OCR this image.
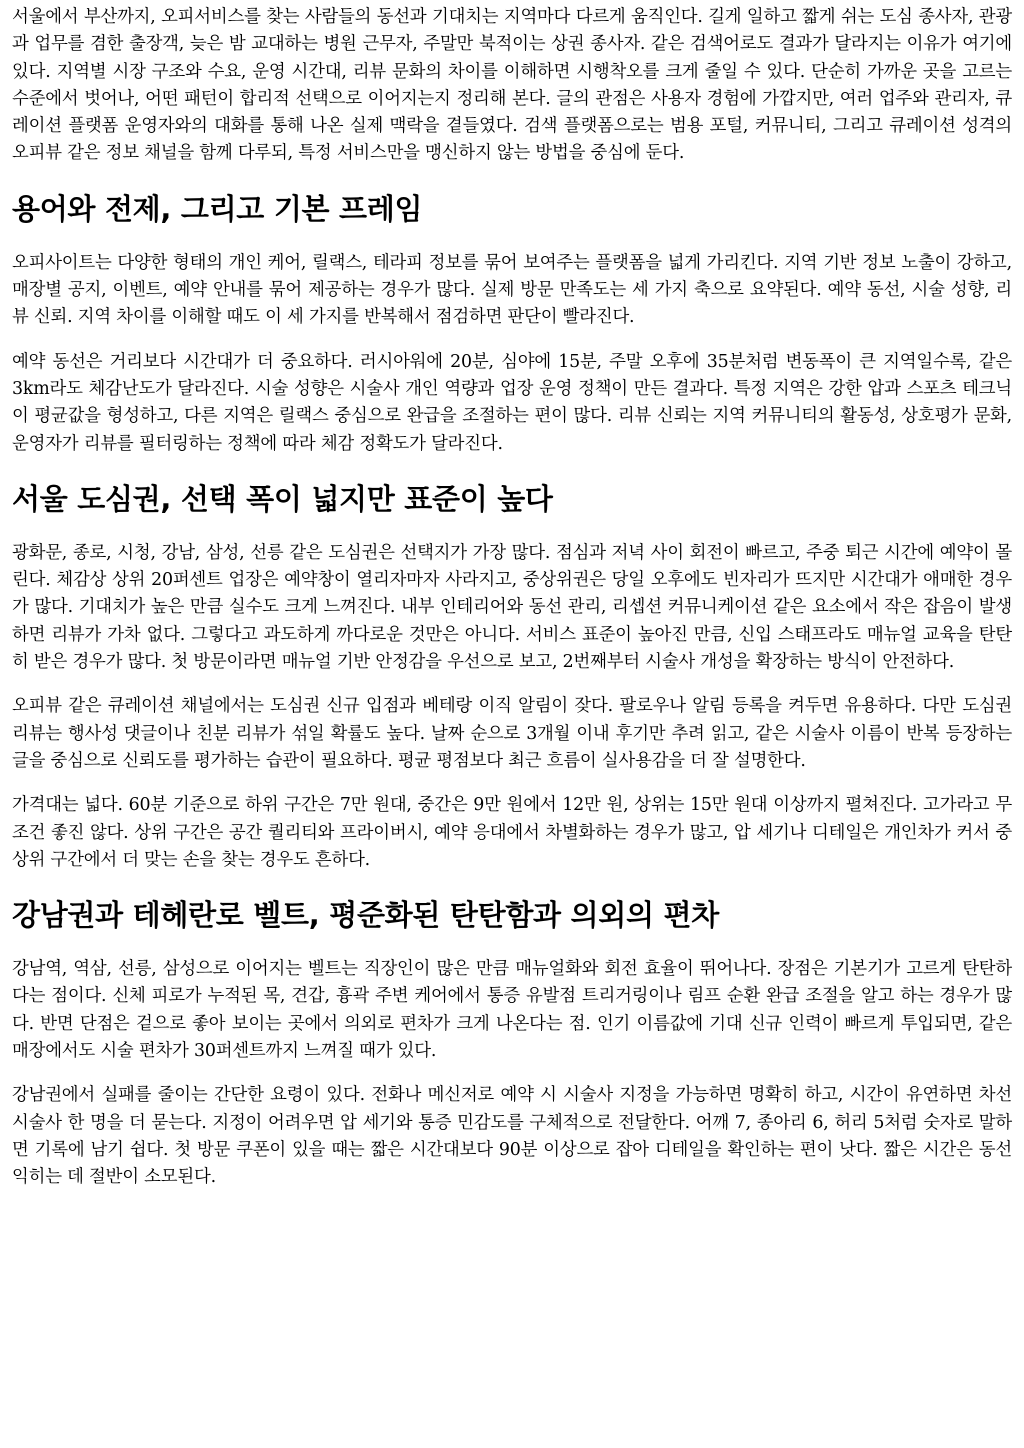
서울에서 부산까지, 오피서비스를 찾는 사람들의 동선과 기대치는 지역마다 다르게 움직인다. 길게 일하고 짧게 쉬는 도심 종사자, 관광과 업무를 겸한 출장객, 늦은 밤 교대하는 병원 근무자, 주말만 북적이는 상권 종사자. 같은 검색어로도 결과가 달라지는 이유가 여기에 있다. 지역별 시장 구조와 수요, 운영 시간대, 리뷰 문화의 차이를 이해하면 시행착오를 크게 줄일 수 있다. 단순히 가까운 곳을 고르는 수준에서 벗어나, 어떤 패턴이 합리적 선택으로 이어지는지 정리해 본다. 글의 관점은 사용자 경험에 가깝지만, 여러 업주와 관리자, 큐레이션 플랫폼 운영자와의 대화를 통해 나온 실제 맥락을 곁들였다. 검색 플랫폼으로는 범용 포털, 커뮤니티, 그리고 큐레이션 성격의 오피뷰 같은 정보 채널을 함께 다루되, 특정 서비스만을 맹신하지 않는 방법을 중심에 둔다.

용어와 전제, 그리고 기본 프레임

오피사이트는 다양한 형태의 개인 케어, 릴랙스, 테라피 정보를 묶어 보여주는 플랫폼을 넓게 가리킨다. 지역 기반 정보 노출이 강하고, 매장별 공지, 이벤트, 예약 안내를 묶어 제공하는 경우가 많다. 실제 방문 만족도는 세 가지 축으로 요약된다. 예약 동선, 시술 성향, 리뷰 신뢰. 지역 차이를 이해할 때도 이 세 가지를 반복해서 점검하면 판단이 빨라진다.

예약 동선은 거리보다 시간대가 더 중요하다. 러시아워에 20분, 심야에 15분, 주말 오후에 35분처럼 변동폭이 큰 지역일수록, 같은 3km라도 체감난도가 달라진다. 시술 성향은 시술사 개인 역량과 업장 운영 정책이 만든 결과다. 특정 지역은 강한 압과 스포츠 테크닉이 평균값을 형성하고, 다른 지역은 릴랙스 중심으로 완급을 조절하는 편이 많다. 리뷰 신뢰는 지역 커뮤니티의 활동성, 상호평가 문화, 운영자가 리뷰를 필터링하는 정책에 따라 체감 정확도가 달라진다.

서울 도심권, 선택 폭이 넓지만 표준이 높다

광화문, 종로, 시청, 강남, 삼성, 선릉 같은 도심권은 선택지가 가장 많다. 점심과 저녁 사이 회전이 빠르고, 주중 퇴근 시간에 예약이 몰린다. 체감상 상위 20퍼센트 업장은 예약창이 열리자마자 사라지고, 중상위권은 당일 오후에도 빈자리가 뜨지만 시간대가 애매한 경우가 많다. 기대치가 높은 만큼 실수도 크게 느껴진다. 내부 인테리어와 동선 관리, 리셉션 커뮤니케이션 같은 요소에서 작은 잡음이 발생하면 리뷰가 가차 없다. 그렇다고 과도하게 까다로운 것만은 아니다. 서비스 표준이 높아진 만큼, 신입 스태프라도 매뉴얼 교육을 탄탄히 받은 경우가 많다. 첫 방문이라면 매뉴얼 기반 안정감을 우선으로 보고, 2번째부터 시술사 개성을 확장하는 방식이 안전하다.

오피뷰 같은 큐레이션 채널에서는 도심권 신규 입점과 베테랑 이직 알림이 잦다. 팔로우나 알림 등록을 켜두면 유용하다. 다만 도심권 리뷰는 행사성 댓글이나 친분 리뷰가 섞일 확률도 높다. 날짜 순으로 3개월 이내 후기만 추려 읽고, 같은 시술사 이름이 반복 등장하는 글을 중심으로 신뢰도를 평가하는 습관이 필요하다. 평균 평점보다 최근 흐름이 실사용감을 더 잘 설명한다.

가격대는 넓다. 60분 기준으로 하위 구간은 7만 원대, 중간은 9만 원에서 12만 원, 상위는 15만 원대 이상까지 펼쳐진다. 고가라고 무조건 좋진 않다. 상위 구간은 공간 퀄리티와 프라이버시, 예약 응대에서 차별화하는 경우가 많고, 압 세기나 디테일은 개인차가 커서 중상위 구간에서 더 맞는 손을 찾는 경우도 흔하다.

강남권과 테헤란로 벨트, 평준화된 탄탄함과 의외의 편차

강남역, 역삼, 선릉, 삼성으로 이어지는 벨트는 직장인이 많은 만큼 매뉴얼화와 회전 효율이 뛰어나다. 장점은 기본기가 고르게 탄탄하다는 점이다. 신체 피로가 누적된 목, 견갑, 흉곽 주변 케어에서 통증 유발점 트리거링이나 림프 순환 완급 조절을 알고 하는 경우가 많다. 반면 단점은 겉으로 좋아 보이는 곳에서 의외로 편차가 크게 나온다는 점. 인기 이름값에 기대 신규 인력이 빠르게 투입되면, 같은 매장에서도 시술 편차가 30퍼센트까지 느껴질 때가 있다.

강남권에서 실패를 줄이는 간단한 요령이 있다. 전화나 메신저로 예약 시 시술사 지정을 가능하면 명확히 하고, 시간이 유연하면 차선 시술사 한 명을 더 묻는다. 지정이 어려우면 압 세기와 통증 민감도를 구체적으로 전달한다. 어깨 7, 종아리 6, 허리 5처럼 숫자로 말하면 기록에 남기 쉽다. 첫 방문 쿠폰이 있을 때는 짧은 시간대보다 90분 이상으로 잡아 디테일을 확인하는 편이 낫다. 짧은 시간은 동선 익히는 데 절반이 소모된다.
